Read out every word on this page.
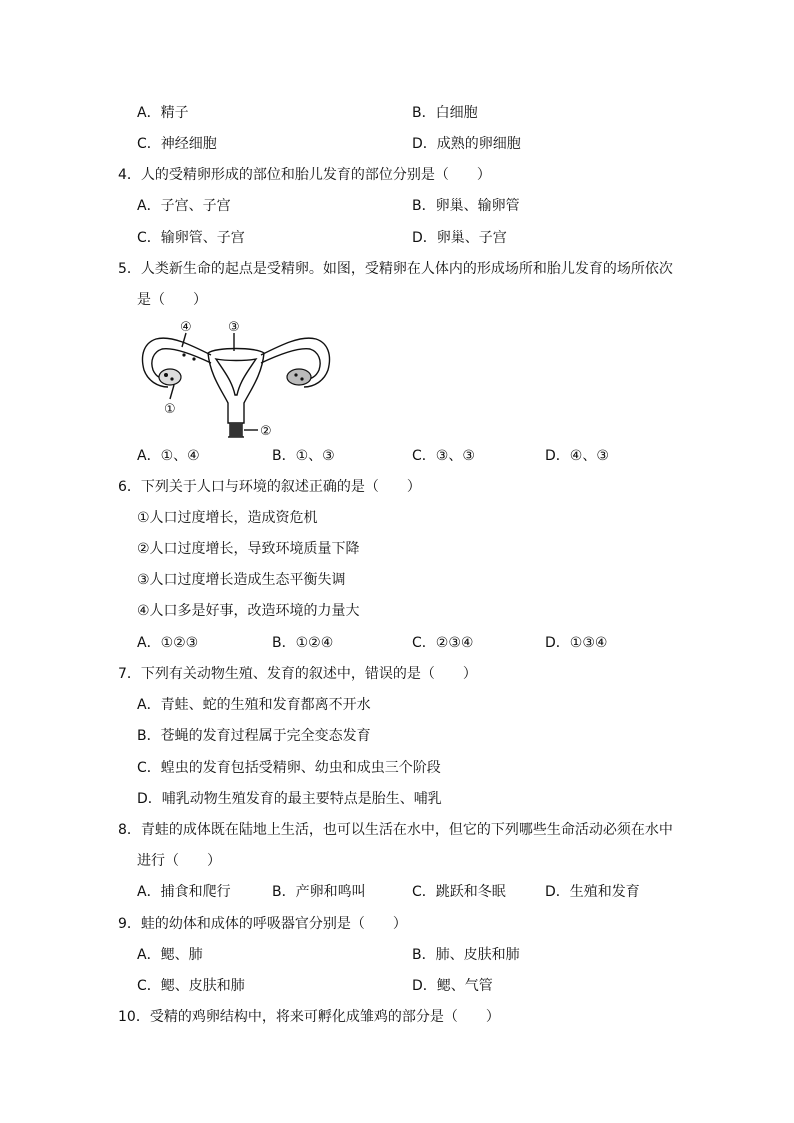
A．精子	B．白细胞
C．神经细胞	D．成熟的卵细胞
4．人的受精卵形成的部位和胎儿发育的部位分别是（　　）
A．子宫、子宫	B．卵巢、输卵管
C．输卵管、子宫	D．卵巢、子宫
5．人类新生命的起点是受精卵。如图，受精卵在人体内的形成场所和胎儿发育的场所依次
是（　　）
④	③
①
②
A．①、④	B．①、③	C．③、③	D．④、③
6．下列关于人口与环境的叙述正确的是（　　）
①人口过度增长，造成资危机
②人口过度增长，导致环境质量下降
③人口过度增长造成生态平衡失调
④人口多是好事，改造环境的力量大
A．①②③	B．①②④	C．②③④	D．①③④
7．下列有关动物生殖、发育的叙述中，错误的是（　　）
A．青蛙、蛇的生殖和发育都离不开水
B．苍蝇的发育过程属于完全变态发育
C．蝗虫的发育包括受精卵、幼虫和成虫三个阶段
D．哺乳动物生殖发育的最主要特点是胎生、哺乳
8．青蛙的成体既在陆地上生活，也可以生活在水中，但它的下列哪些生命活动必须在水中
进行（　　）
A．捕食和爬行	B．产卵和鸣叫	C．跳跃和冬眠	D．生殖和发育
9．蛙的幼体和成体的呼吸器官分别是（　　）
A．鳃、肺	B．肺、皮肤和肺
C．鳃、皮肤和肺	D．鳃、气管
10．受精的鸡卵结构中，将来可孵化成雏鸡的部分是（　　）
